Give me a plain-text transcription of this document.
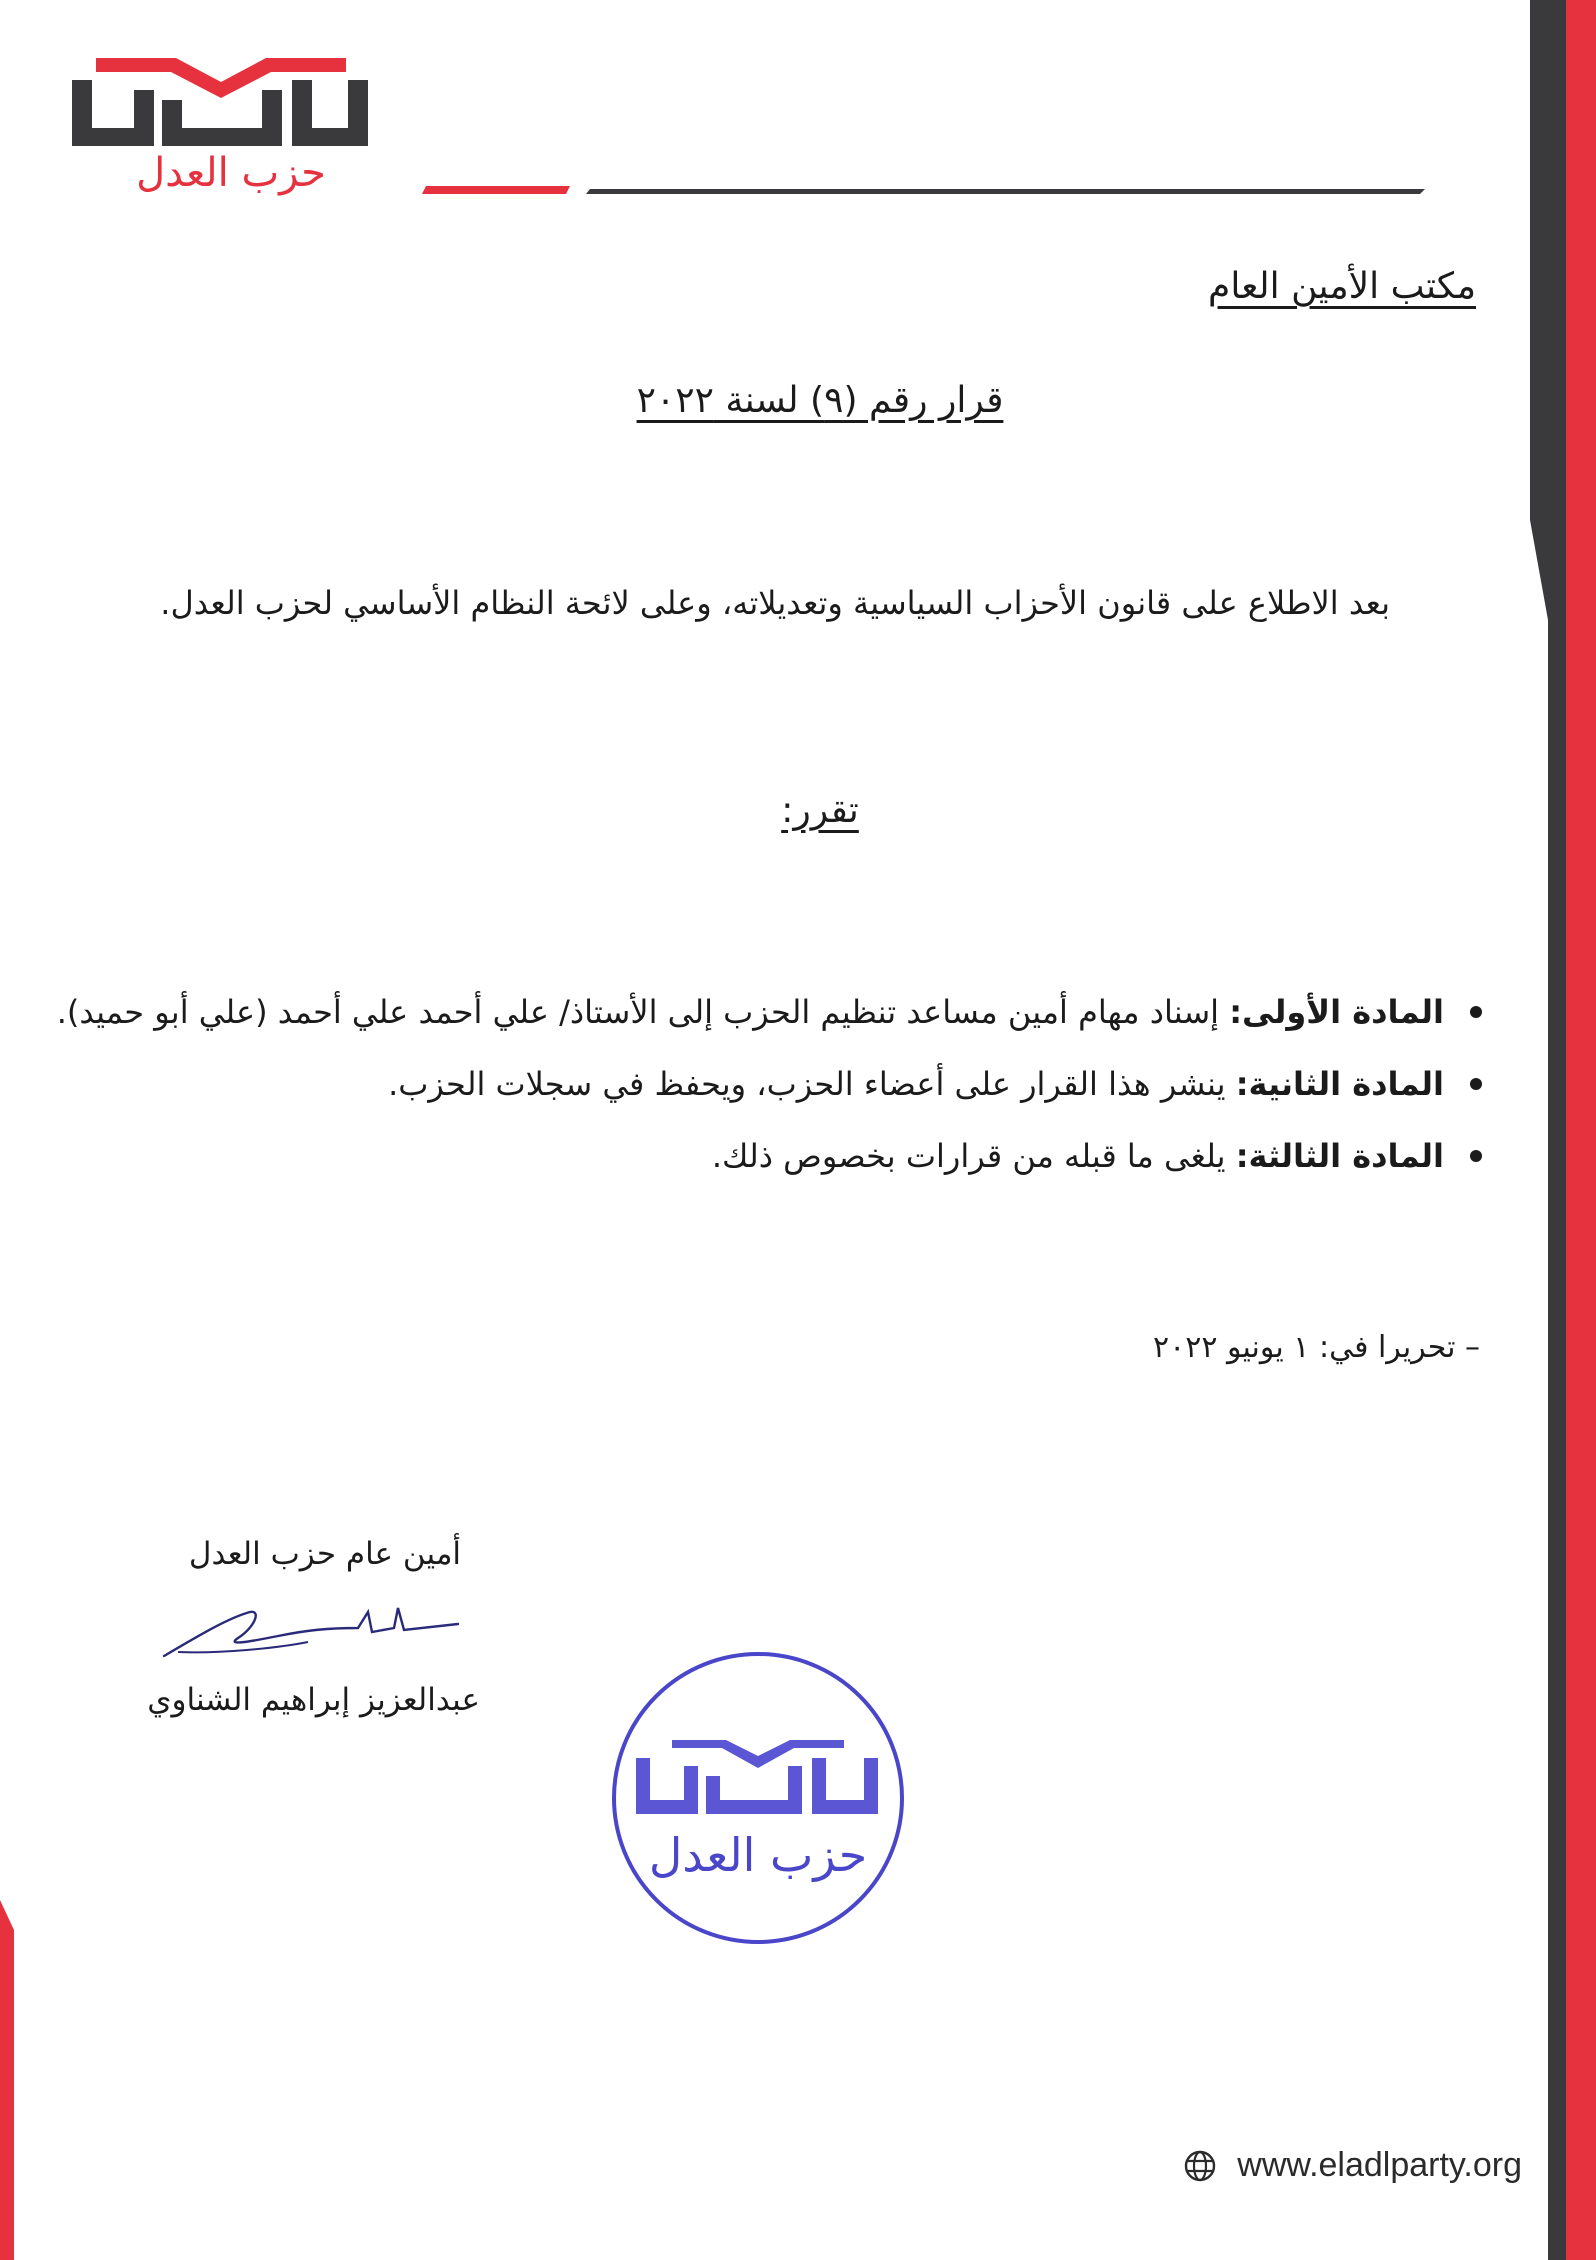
حزب العدل
مكتب الأمين العام
قرار رقم (٩) لسنة ٢٠٢٢
بعد الاطلاع على قانون الأحزاب السياسية وتعديلاته، وعلى لائحة النظام الأساسي لحزب العدل.
تقرر:
المادة الأولى: إسناد مهام أمين مساعد تنظيم الحزب إلى الأستاذ/ علي أحمد علي أحمد (علي أبو حميد).
المادة الثانية: ينشر هذا القرار على أعضاء الحزب، ويحفظ في سجلات الحزب.
المادة الثالثة: يلغى ما قبله من قرارات بخصوص ذلك.
– تحريرا في: ١ يونيو ٢٠٢٢
أمين عام حزب العدل
عبدالعزيز إبراهيم الشناوي
حزب العدل
www.eladlparty.org
